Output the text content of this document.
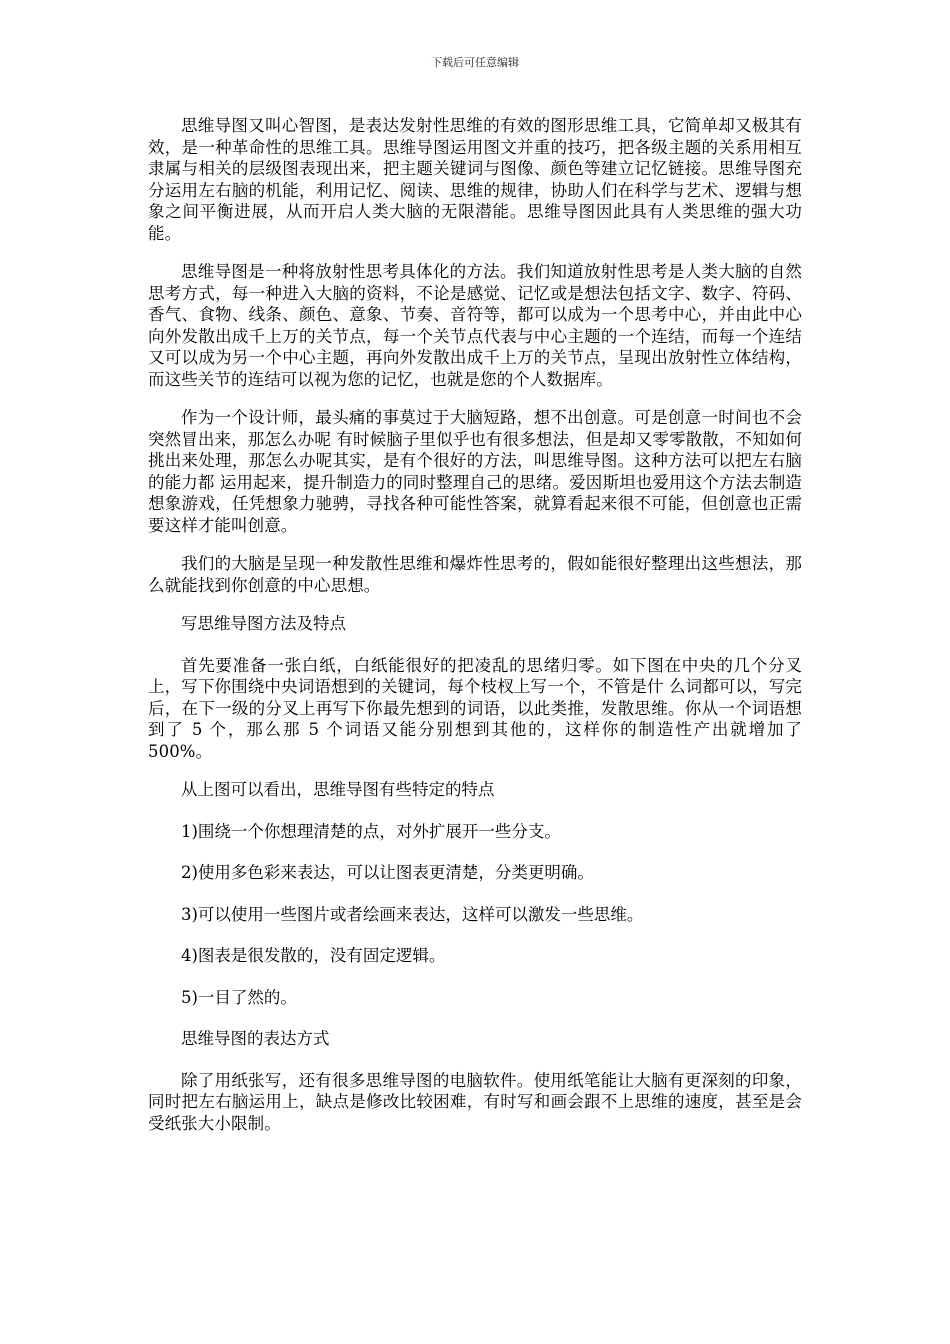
下载后可任意编辑

思维导图又叫心智图，是表达发射性思维的有效的图形思维工具，它简单却又极其有效，是一种革命性的思维工具。思维导图运用图文并重的技巧，把各级主题的关系用相互隶属与相关的层级图表现出来，把主题关键词与图像、颜色等建立记忆链接。思维导图充分运用左右脑的机能，利用记忆、阅读、思维的规律，协助人们在科学与艺术、逻辑与想象之间平衡进展，从而开启人类大脑的无限潜能。思维导图因此具有人类思维的强大功能。

思维导图是一种将放射性思考具体化的方法。我们知道放射性思考是人类大脑的自然思考方式，每一种进入大脑的资料，不论是感觉、记忆或是想法包括文字、数字、符码、香气、食物、线条、颜色、意象、节奏、音符等，都可以成为一个思考中心，并由此中心向外发散出成千上万的关节点，每一个关节点代表与中心主题的一个连结，而每一个连结又可以成为另一个中心主题，再向外发散出成千上万的关节点，呈现出放射性立体结构，而这些关节的连结可以视为您的记忆，也就是您的个人数据库。

作为一个设计师，最头痛的事莫过于大脑短路，想不出创意。可是创意一时间也不会突然冒出来，那怎么办呢 有时候脑子里似乎也有很多想法，但是却又零零散散，不知如何挑出来处理，那怎么办呢其实，是有个很好的方法，叫思维导图。这种方法可以把左右脑的能力都 运用起来，提升制造力的同时整理自己的思绪。爱因斯坦也爱用这个方法去制造想象游戏，任凭想象力驰骋，寻找各种可能性答案，就算看起来很不可能，但创意也正需要这样才能叫创意。

我们的大脑是呈现一种发散性思维和爆炸性思考的，假如能很好整理出这些想法，那么就能找到你创意的中心思想。

写思维导图方法及特点

首先要准备一张白纸，白纸能很好的把凌乱的思绪归零。如下图在中央的几个分叉上，写下你围绕中央词语想到的关键词，每个枝杈上写一个，不管是什 么词都可以，写完后，在下一级的分叉上再写下你最先想到的词语，以此类推，发散思维。你从一个词语想到了 5 个，那么那 5 个词语又能分别想到其他的，这样你的制造性产出就增加了 500%。

从上图可以看出，思维导图有些特定的特点

1)围绕一个你想理清楚的点，对外扩展开一些分支。

2)使用多色彩来表达，可以让图表更清楚，分类更明确。

3)可以使用一些图片或者绘画来表达，这样可以激发一些思维。

4)图表是很发散的，没有固定逻辑。

5)一目了然的。

思维导图的表达方式

除了用纸张写，还有很多思维导图的电脑软件。使用纸笔能让大脑有更深刻的印象，同时把左右脑运用上，缺点是修改比较困难，有时写和画会跟不上思维的速度，甚至是会受纸张大小限制。
